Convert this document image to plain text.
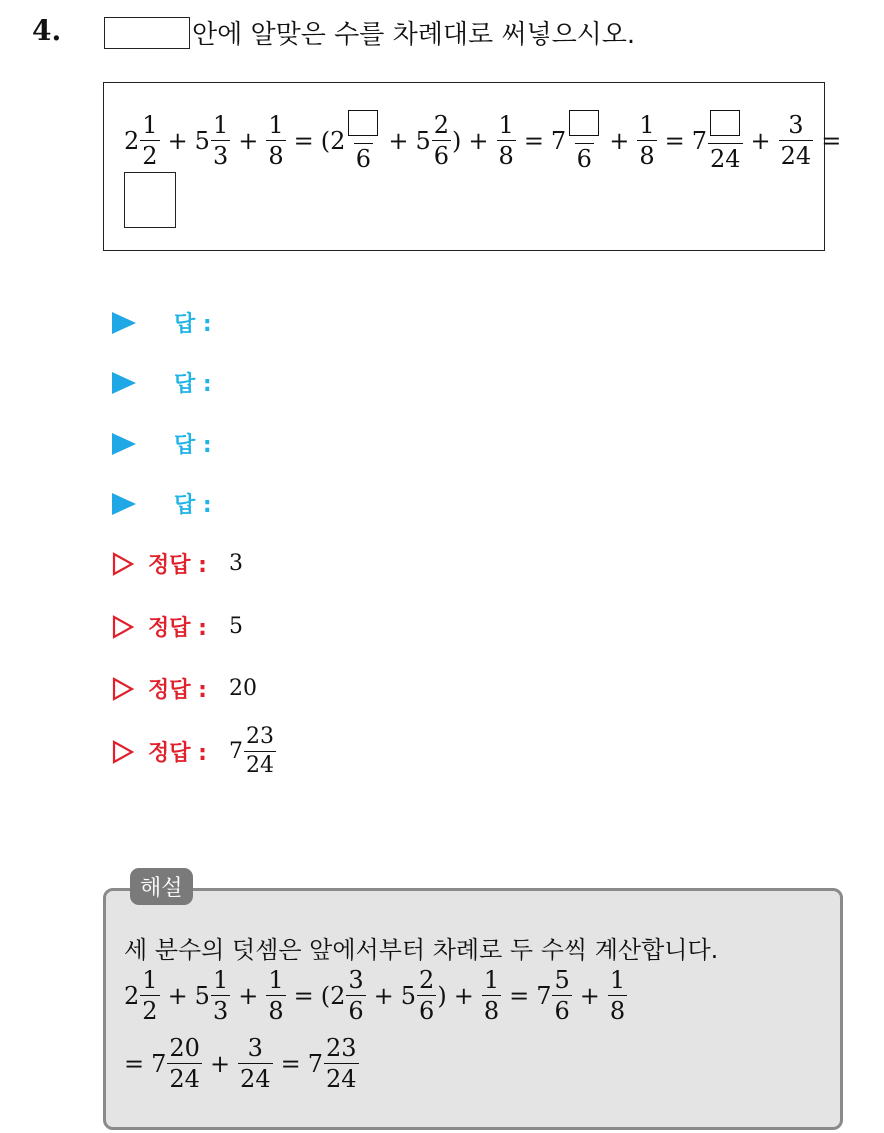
4.	안에 알맞은 수를 차례대로 써넣으시오.
$2 \frac{1}{2} + 5 \frac{1}{3} + \frac{1}{8} = (2$
6
+ $5 \frac{2}{6}$ ) + $\frac{1}{8} = 7$
6
+ $\frac{1}{8} = 7$
24
+ $\frac{3}{24}$ =
답 :
답 :
답 :
답 :
정답 : 3
정답 : 5
정답 : 20
정답 : $7 \frac{23}{24}$
해설
세 분수의 덧셈은 앞에서부터 차례로 두 수씩 계산합니다.
$2 \frac{1}{2} + 5 \frac{1}{3} + \frac{1}{8} = (2 \frac{3}{6} + 5 \frac{2}{6}$ ) + $\frac{1}{8} = 7 \frac{5}{6} + \frac{1}{8}$
= $7 \frac{20}{24} + \frac{3}{24} = 7 \frac{23}{24}$
